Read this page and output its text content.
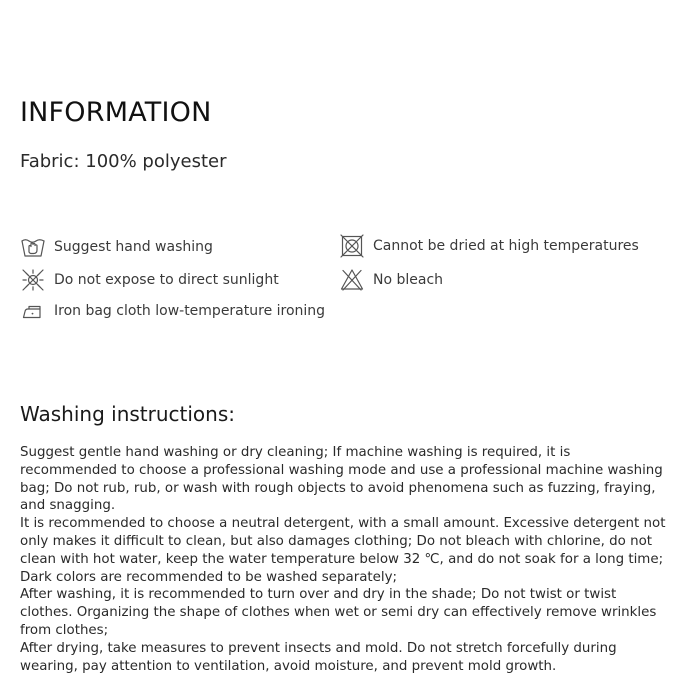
INFORMATION
Fabric: 100% polyester
Suggest hand washing
Do not expose to direct sunlight
Iron bag cloth low-temperature ironing
Cannot be dried at high temperatures
No bleach
Washing instructions:
Suggest gentle hand washing or dry cleaning; If machine washing is required, it is
recommended to choose a professional washing mode and use a professional machine washing
bag; Do not rub, rub, or wash with rough objects to avoid phenomena such as fuzzing, fraying,
and snagging.
It is recommended to choose a neutral detergent, with a small amount. Excessive detergent not
only makes it difficult to clean, but also damages clothing; Do not bleach with chlorine, do not
clean with hot water, keep the water temperature below 32 ℃, and do not soak for a long time;
Dark colors are recommended to be washed separately;
After washing, it is recommended to turn over and dry in the shade; Do not twist or twist
clothes. Organizing the shape of clothes when wet or semi dry can effectively remove wrinkles
from clothes;
After drying, take measures to prevent insects and mold. Do not stretch forcefully during
wearing, pay attention to ventilation, avoid moisture, and prevent mold growth.
